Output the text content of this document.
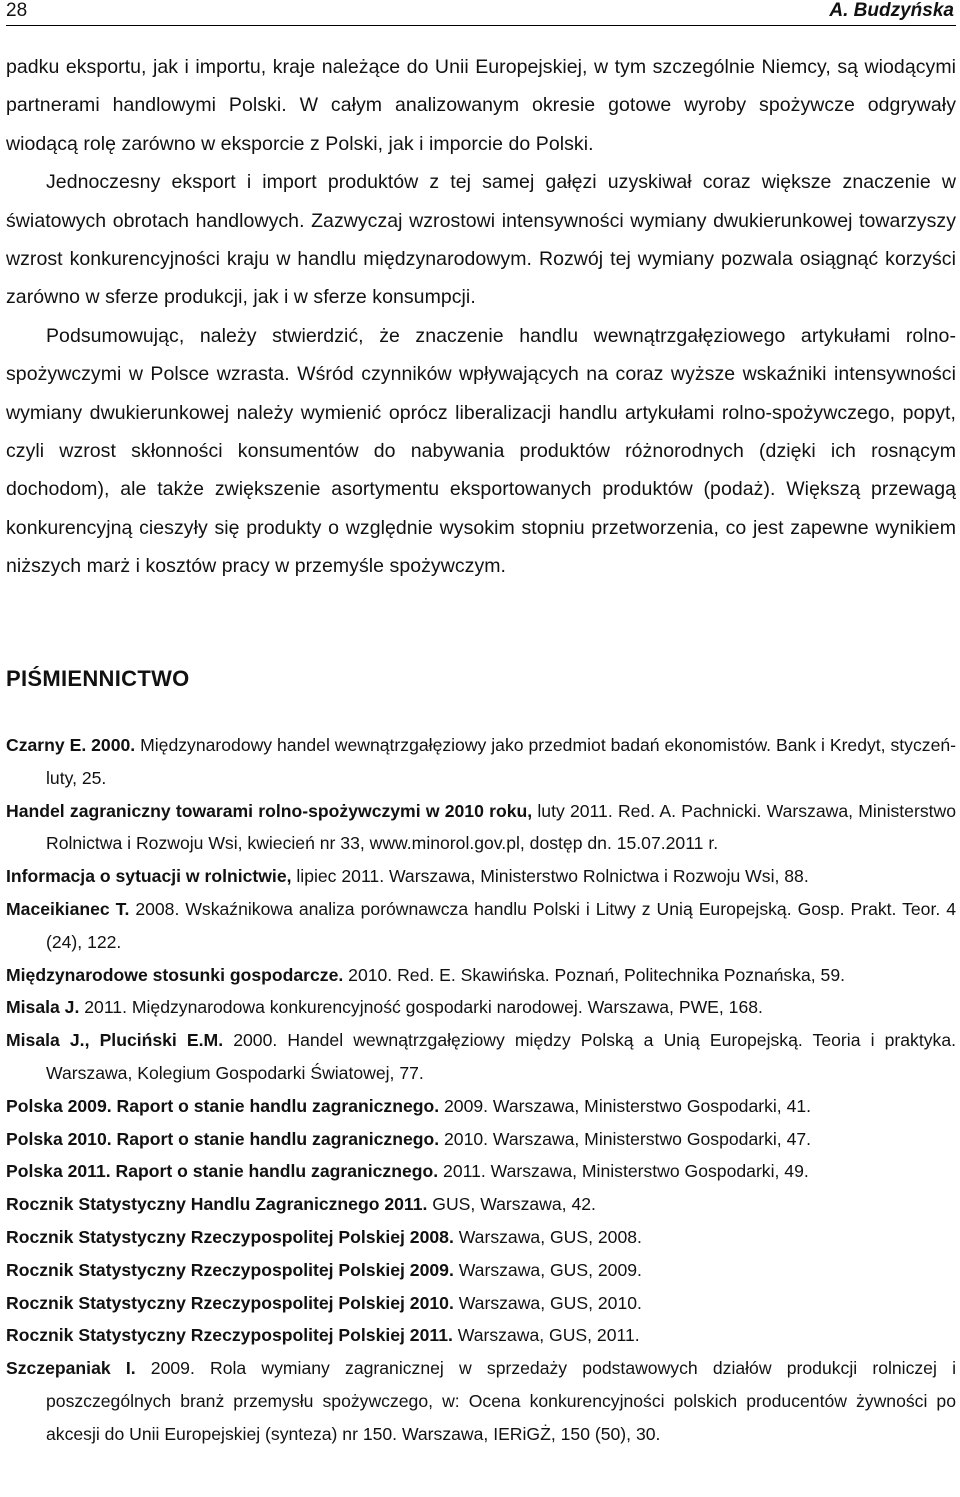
28	A. Budzyńska

padku eksportu, jak i importu, kraje należące do Unii Europejskiej, w tym szczególnie Niemcy, są wiodącymi partnerami handlowymi Polski. W całym analizowanym okresie gotowe wyroby spożywcze odgrywały wiodącą rolę zarówno w eksporcie z Polski, jak i imporcie do Polski.

Jednoczesny eksport i import produktów z tej samej gałęzi uzyskiwał coraz większe znaczenie w światowych obrotach handlowych. Zazwyczaj wzrostowi intensywności wymiany dwukierunkowej towarzyszy wzrost konkurencyjności kraju w handlu międzynarodowym. Rozwój tej wymiany pozwala osiągnąć korzyści zarówno w sferze produkcji, jak i w sferze konsumpcji.

Podsumowując, należy stwierdzić, że znaczenie handlu wewnątrzgałęziowego artykułami rolno-spożywczymi w Polsce wzrasta. Wśród czynników wpływających na coraz wyższe wskaźniki intensywności wymiany dwukierunkowej należy wymienić oprócz liberalizacji handlu artykułami rolno-spożywczego, popyt, czyli wzrost skłonności konsumentów do nabywania produktów różnorodnych (dzięki ich rosnącym dochodom), ale także zwiększenie asortymentu eksportowanych produktów (podaż). Większą przewagą konkurencyjną cieszyły się produkty o względnie wysokim stopniu przetworzenia, co jest zapewne wynikiem niższych marż i kosztów pracy w przemyśle spożywczym.

PIŚMIENNICTWO
Czarny E. 2000. Międzynarodowy handel wewnątrzgałęziowy jako przedmiot badań ekonomistów. Bank i Kredyt, styczeń-luty, 25.
Handel zagraniczny towarami rolno-spożywczymi w 2010 roku, luty 2011. Red. A. Pachnicki. Warszawa, Ministerstwo Rolnictwa i Rozwoju Wsi, kwiecień nr 33, www.minorol.gov.pl, dostęp dn. 15.07.2011 r.
Informacja o sytuacji w rolnictwie, lipiec 2011. Warszawa, Ministerstwo Rolnictwa i Rozwoju Wsi, 88.
Maceikianec T. 2008. Wskaźnikowa analiza porównawcza handlu Polski i Litwy z Unią Europejską. Gosp. Prakt. Teor. 4 (24), 122.
Międzynarodowe stosunki gospodarcze. 2010. Red. E. Skawińska. Poznań, Politechnika Poznańska, 59.
Misala J. 2011. Międzynarodowa konkurencyjność gospodarki narodowej. Warszawa, PWE, 168.
Misala J., Pluciński E.M. 2000. Handel wewnątrzgałęziowy między Polską a Unią Europejską. Teoria i praktyka. Warszawa, Kolegium Gospodarki Światowej, 77.
Polska 2009. Raport o stanie handlu zagranicznego. 2009. Warszawa, Ministerstwo Gospodarki, 41.
Polska 2010. Raport o stanie handlu zagranicznego. 2010. Warszawa, Ministerstwo Gospodarki, 47.
Polska 2011. Raport o stanie handlu zagranicznego. 2011. Warszawa, Ministerstwo Gospodarki, 49.
Rocznik Statystyczny Handlu Zagranicznego 2011. GUS, Warszawa, 42.
Rocznik Statystyczny Rzeczypospolitej Polskiej 2008. Warszawa, GUS, 2008.
Rocznik Statystyczny Rzeczypospolitej Polskiej 2009. Warszawa, GUS, 2009.
Rocznik Statystyczny Rzeczypospolitej Polskiej 2010. Warszawa, GUS, 2010.
Rocznik Statystyczny Rzeczypospolitej Polskiej 2011. Warszawa, GUS, 2011.
Szczepaniak I. 2009. Rola wymiany zagranicznej w sprzedaży podstawowych działów produkcji rolniczej i poszczególnych branż przemysłu spożywczego, w: Ocena konkurencyjności polskich producentów żywności po akcesji do Unii Europejskiej (synteza) nr 150. Warszawa, IERiGŻ, 150 (50), 30.
